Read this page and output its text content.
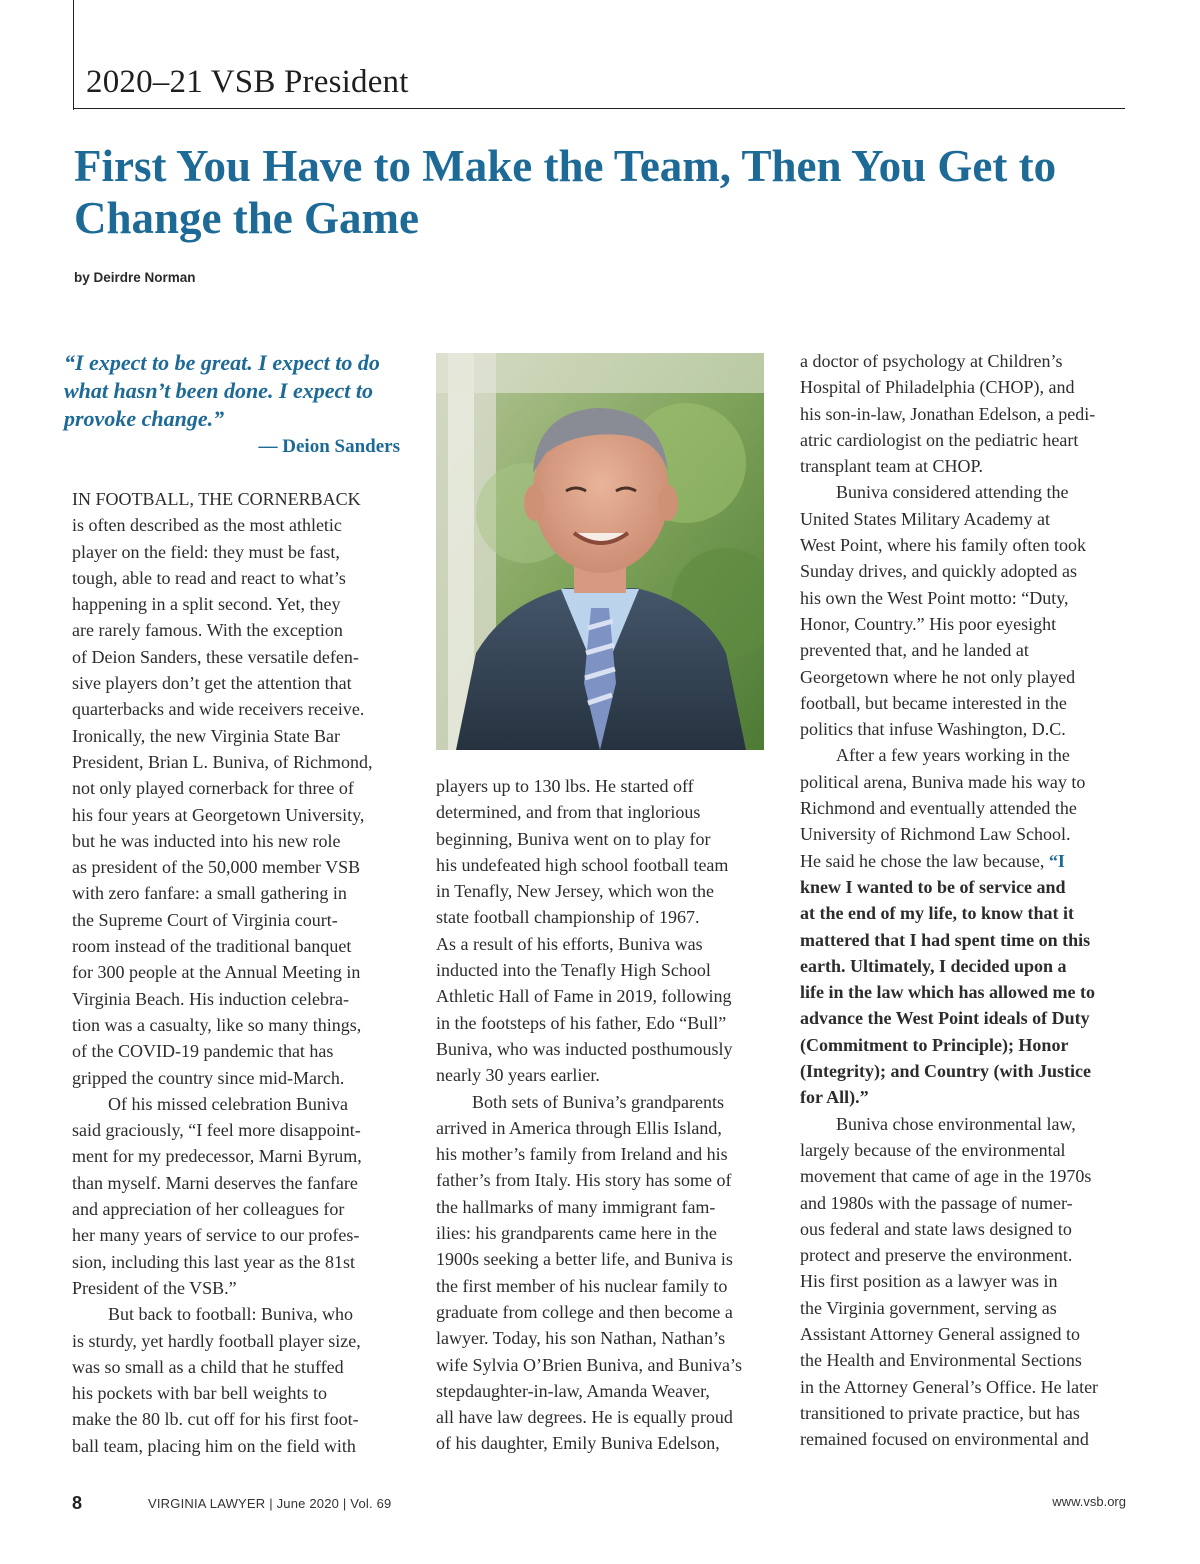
2020–21 VSB President
First You Have to Make the Team, Then You Get to Change the Game
by Deirdre Norman
“I expect to be great. I expect to do what hasn’t been done. I expect to provoke change.”
— Deion Sanders

IN FOOTBALL, THE CORNERBACK

is often described as the most athletic

player on the field: they must be fast,

tough, able to read and react to what’s

happening in a split second. Yet, they

are rarely famous. With the exception

of Deion Sanders, these versatile defen-

sive players don’t get the attention that

quarterbacks and wide receivers receive.

Ironically, the new Virginia State Bar

President, Brian L. Buniva, of Richmond,

not only played cornerback for three of

his four years at Georgetown University,

but he was inducted into his new role

as president of the 50,000 member VSB

with zero fanfare: a small gathering in

the Supreme Court of Virginia court-

room instead of the traditional banquet

for 300 people at the Annual Meeting in

Virginia Beach. His induction celebra-

tion was a casualty, like so many things,

of the COVID-19 pandemic that has

gripped the country since mid-March.

Of his missed celebration Buniva

said graciously, “I feel more disappoint-

ment for my predecessor, Marni Byrum,

than myself. Marni deserves the fanfare

and appreciation of her colleagues for

her many years of service to our profes-

sion, including this last year as the 81st

President of the VSB.”

But back to football: Buniva, who

is sturdy, yet hardly football player size,

was so small as a child that he stuffed

his pockets with bar bell weights to

make the 80 lb. cut off for his first foot-

ball team, placing him on the field with

players up to 130 lbs. He started off

determined, and from that inglorious

beginning, Buniva went on to play for

his undefeated high school football team

in Tenafly, New Jersey, which won the

state football championship of 1967.

As a result of his efforts, Buniva was

inducted into the Tenafly High School

Athletic Hall of Fame in 2019, following

in the footsteps of his father, Edo “Bull”

Buniva, who was inducted posthumously

nearly 30 years earlier.

Both sets of Buniva’s grandparents

arrived in America through Ellis Island,

his mother’s family from Ireland and his

father’s from Italy. His story has some of

the hallmarks of many immigrant fam-

ilies: his grandparents came here in the

1900s seeking a better life, and Buniva is

the first member of his nuclear family to

graduate from college and then become a

lawyer. Today, his son Nathan, Nathan’s

wife Sylvia O’Brien Buniva, and Buniva’s

stepdaughter-in-law, Amanda Weaver,

all have law degrees. He is equally proud

of his daughter, Emily Buniva Edelson,

a doctor of psychology at Children’s

Hospital of Philadelphia (CHOP), and

his son-in-law, Jonathan Edelson, a pedi-

atric cardiologist on the pediatric heart

transplant team at CHOP.

Buniva considered attending the

United States Military Academy at

West Point, where his family often took

Sunday drives, and quickly adopted as

his own the West Point motto: “Duty,

Honor, Country.” His poor eyesight

prevented that, and he landed at

Georgetown where he not only played

football, but became interested in the

politics that infuse Washington, D.C.

After a few years working in the

political arena, Buniva made his way to

Richmond and eventually attended the

University of Richmond Law School.

He said he chose the law because, “I

knew I wanted to be of service and

at the end of my life, to know that it

mattered that I had spent time on this

earth. Ultimately, I decided upon a

life in the law which has allowed me to

advance the West Point ideals of Duty

(Commitment to Principle); Honor

(Integrity); and Country (with Justice

for All).”

Buniva chose environmental law,

largely because of the environmental

movement that came of age in the 1970s

and 1980s with the passage of numer-

ous federal and state laws designed to

protect and preserve the environment.

His first position as a lawyer was in

the Virginia government, serving as

Assistant Attorney General assigned to

the Health and Environmental Sections

in the Attorney General’s Office. He later

transitioned to private practice, but has

remained focused on environmental and

8	VIRGINIA LAWYER | June 2020 | Vol. 69	www.vsb.org
